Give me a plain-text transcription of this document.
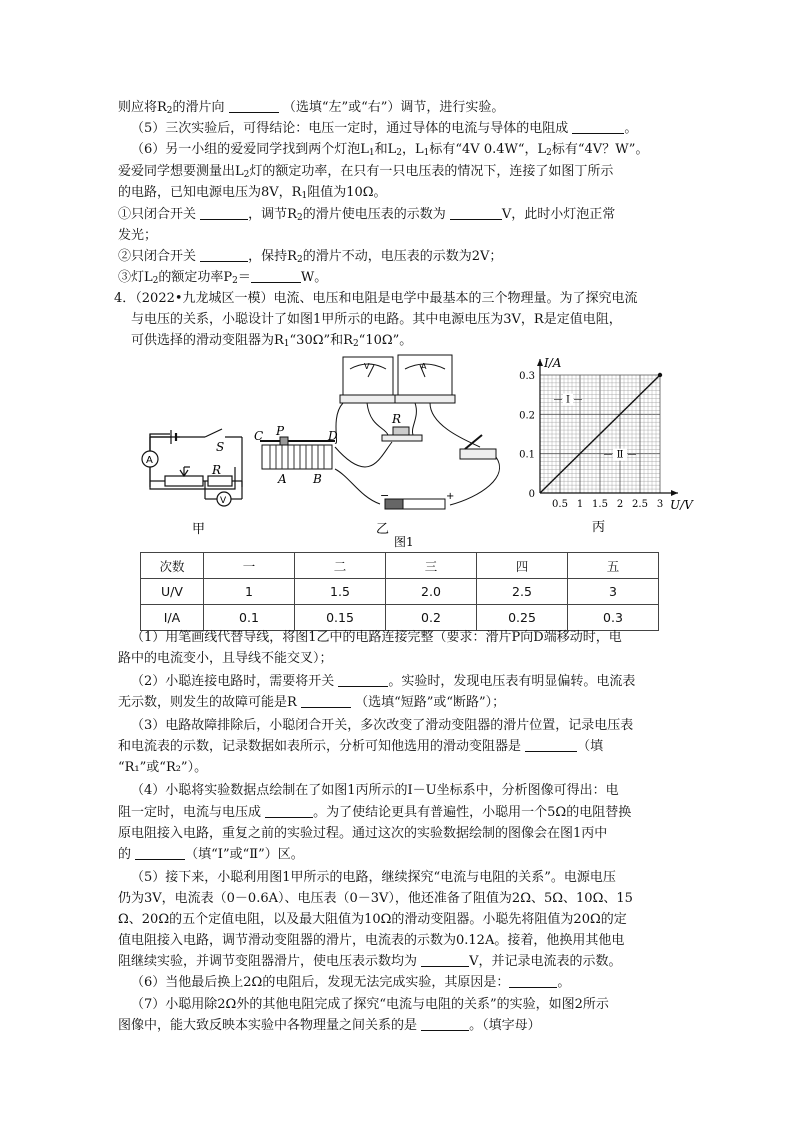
则应将$R_2$的滑片向	（选填“左”或“右”）调节，进行实验。
（5）三次实验后，可得结论：电压一定时，通过导体的电流与导体的电阻成	。
（6）另一小组的爱爱同学找到两个灯泡$L_1$和$L_2$，$L_1$标有“4V 0.4W“，$L_2$标有“4V？W”。
爱爱同学想要测量出$L_2$灯的额定功率，在只有一只电压表的情况下，连接了如图丁所示
的电路，已知电源电压为8V，$R_1$阻值为10Ω。
①只闭合开关	，调节$R_2$的滑片使电压表的示数为	V，此时小灯泡正常
发光；
②只闭合开关	，保持$R_2$的滑片不动，电压表的示数为2V；
③灯$L_2$的额定功率$P_2=$	W。
4．（2022•九龙城区一模）电流、电压和电阻是电学中最基本的三个物理量。为了探究电流
与电压的关系，小聪设计了如图1甲所示的电路。其中电源电压为3V，R是定值电阻，
可供选择的滑动变阻器为$R_1“30\Omega$”和$R_2“10\Omega$”。
A
V
S
R
甲
C P	D
A B
R
V	A
−	+
乙
图1
U/V
I/A
0.5 1 1.5 2 2.5 3
0
0.1
0.2
0.3
Ⅰ
Ⅱ
丙
次数	一	二	三	四	五
U/V	1	1.5	2.0	2.5	3
I/A	0.1	0.15	0.2	0.25	0.3
（1）用笔画线代替导线，将图1乙中的电路连接完整（要求：滑片P向D端移动时，电
路中的电流变小，且导线不能交叉）；
（2）小聪连接电路时，需要将开关	。实验时，发现电压表有明显偏转。电流表
无示数，则发生的故障可能是R	（选填“短路”或“断路”）；
（3）电路故障排除后，小聪闭合开关，多次改变了滑动变阻器的滑片位置，记录电压表
和电流表的示数，记录数据如表所示，分析可知他选用的滑动变阻器是	（填
“R₁”或“R₂”）。
（4）小聪将实验数据点绘制在了如图1丙所示的I－U坐标系中，分析图像可得出：电
阻一定时，电流与电压成	。为了使结论更具有普遍性，小聪用一个5Ω的电阻替换
原电阻接入电路，重复之前的实验过程。通过这次的实验数据绘制的图像会在图1丙中
的	（填“Ⅰ”或“Ⅱ”）区。
（5）接下来，小聪利用图1甲所示的电路，继续探究“电流与电阻的关系”。电源电压
仍为3V，电流表（0－0.6A）、电压表（0－3V），他还准备了阻值为2Ω、5Ω、10Ω、15
Ω、20Ω的五个定值电阻，以及最大阻值为10Ω的滑动变阻器。小聪先将阻值为20Ω的定
值电阻接入电路，调节滑动变阻器的滑片，电流表的示数为0.12A。接着，他换用其他电
阻继续实验，并调节变阻器滑片，使电压表示数均为	V，并记录电流表的示数。
（6）当他最后换上2Ω的电阻后，发现无法完成实验，其原因是：	。
（7）小聪用除2Ω外的其他电阻完成了探究“电流与电阻的关系”的实验，如图2所示
图像中，能大致反映本实验中各物理量之间关系的是	。（填字母）
